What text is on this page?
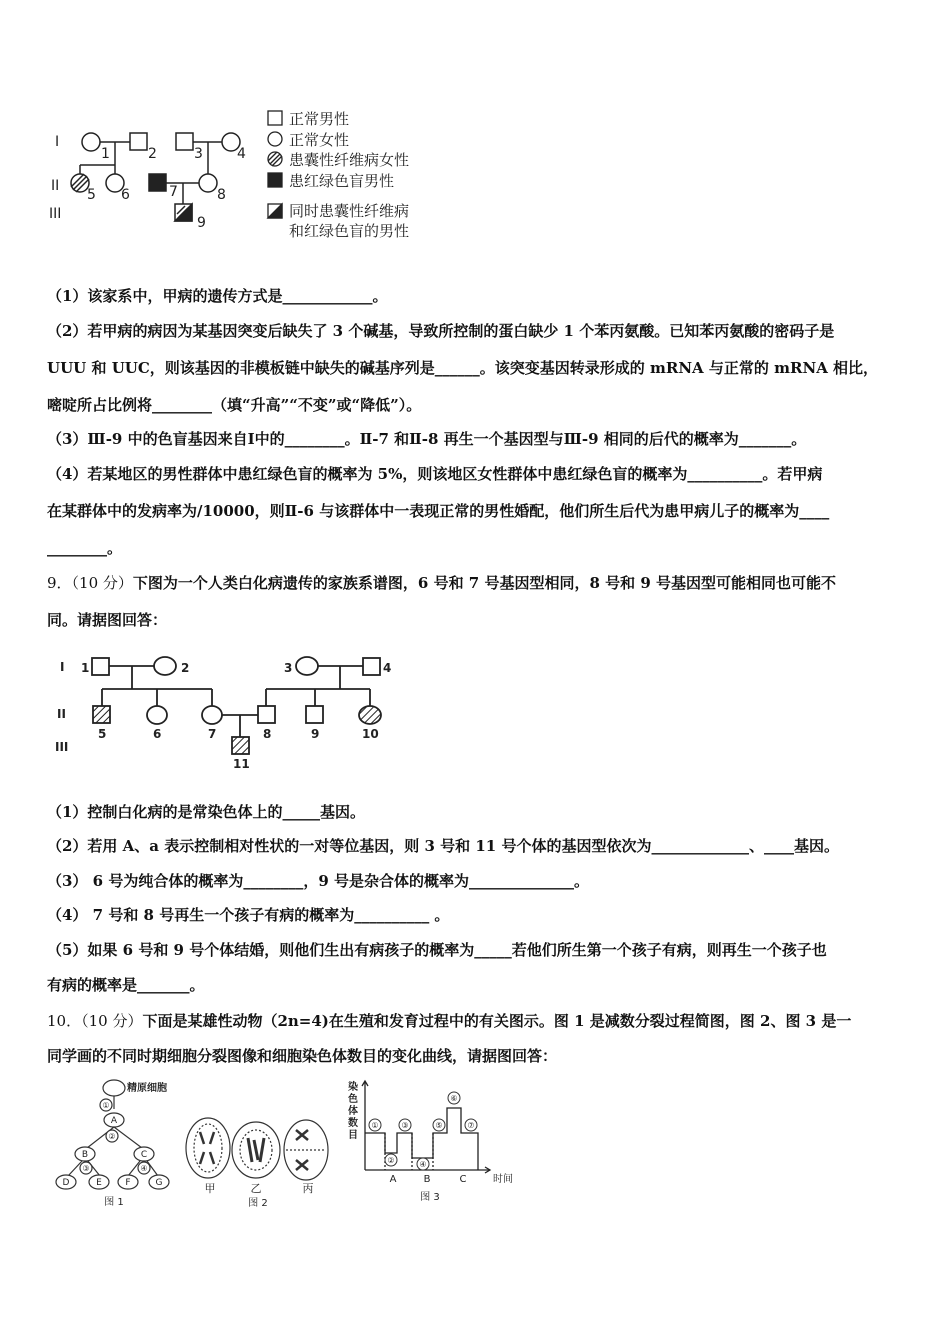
I
II
III
1	2	3 4
5 6	7	8
9
正常男性
正常女性
患囊性纤维病女性
患红绿色盲男性
同时患囊性纤维病
和红绿色盲的男性
（1）该家系中，甲病的遗传方式是____________。
（2）若甲病的病因为某基因突变后缺失了 3 个碱基，导致所控制的蛋白缺少 1 个苯丙氨酸。已知苯丙氨酸的密码子是
UUU 和 UUC，则该基因的非模板链中缺失的碱基序列是______。该突变基因转录形成的 mRNA 与正常的 mRNA 相比，
嘧啶所占比例将________（填“升高”“不变”或“降低”）。
（3）Ⅲ-9 中的色盲基因来自Ⅰ中的________。Ⅱ-7 和Ⅱ-8 再生一个基因型与Ⅲ-9 相同的后代的概率为_______。
（4）若某地区的男性群体中患红绿色盲的概率为 5%，则该地区女性群体中患红绿色盲的概率为__________。若甲病
在某群体中的发病率为/10000，则Ⅱ-6 与该群体中一表现正常的男性婚配，他们所生后代为患甲病儿子的概率为____
________。
9．（10 分）下图为一个人类白化病遗传的家族系谱图，6 号和 7 号基因型相同，8 号和 9 号基因型可能相同也可能不
同。请据图回答：
I
II
III
1	2	3	4
5	6	7	8	9	10
11
（1）控制白化病的是常染色体上的_____基因。
（2）若用 A、a 表示控制相对性状的一对等位基因，则 3 号和 11 号个体的基因型依次为_____________、____基因。
（3） 6 号为纯合体的概率为________，9 号是杂合体的概率为______________。
（4） 7 号和 8 号再生一个孩子有病的概率为__________ 。
（5）如果 6 号和 9 号个体结婚，则他们生出有病孩子的概率为_____若他们所生第一个孩子有病，则再生一个孩子也
有病的概率是_______。
10．（10 分）下面是某雄性动物（2n=4)在生殖和发育过程中的有关图示。图 1 是减数分裂过程简图，图 2、图 3 是一
同学画的不同时期细胞分裂图像和细胞染色体数目的变化曲线，请据图回答：
精原细胞
①
A
②
B	C
③	④
D	E	F	G
图 1
甲	乙	丙
图 2
染
色
体
数
目
①
②
③
④
⑤
⑥
⑦
A	B	C	时间
图 3
